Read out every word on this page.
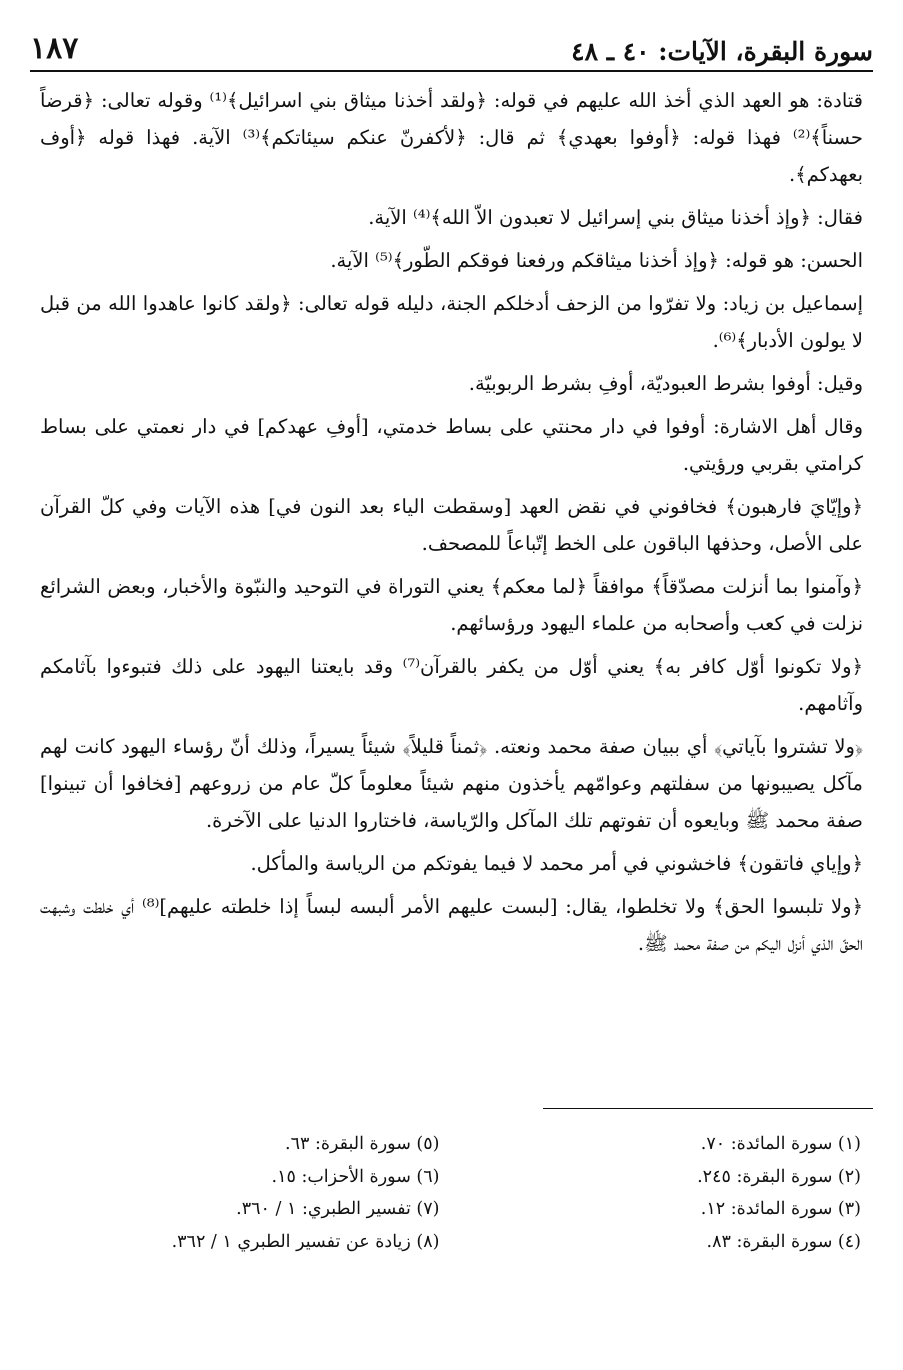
سورة البقرة، الآيات: ٤٠ ـ ٤٨
١٨٧

قتادة: هو العهد الذي أخذ الله عليهم في قوله: ﴿ولقد أخذنا ميثاق بني اسرائيل﴾⁽¹⁾ وقوله تعالى: ﴿قرضاً حسناً﴾⁽²⁾ فهذا قوله: ﴿أوفوا بعهدي﴾ ثم قال: ﴿لأكفرنّ عنكم سيئاتكم﴾⁽³⁾ الآية. فهذا قوله ﴿أوف بعهدكم﴾.

فقال: ﴿وإذ أخذنا ميثاق بني إسرائيل لا تعبدون الاّ الله﴾⁽⁴⁾ الآية.

الحسن: هو قوله: ﴿وإذ أخذنا ميثاقكم ورفعنا فوقكم الطّور﴾⁽⁵⁾ الآية.

إسماعيل بن زياد: ولا تفرّوا من الزحف أدخلكم الجنة، دليله قوله تعالى: ﴿ولقد كانوا عاهدوا الله من قبل لا يولون الأدبار﴾⁽⁶⁾.

وقيل: أوفوا بشرط العبوديّة، أوفِ بشرط الربوبيّة.

وقال أهل الاشارة: أوفوا في دار محنتي على بساط خدمتي، [أوفِ عهدكم] في دار نعمتي على بساط كرامتي بقربي ورؤيتي.

﴿وإيّايَ فارهبون﴾ فخافوني في نقض العهد [وسقطت الياء بعد النون في] هذه الآيات وفي كلّ القرآن على الأصل، وحذفها الباقون على الخط إتّباعاً للمصحف.

﴿وآمنوا بما أنزلت مصدّقاً﴾ موافقاً ﴿لما معكم﴾ يعني التوراة في التوحيد والنبّوة والأخبار، وبعض الشرائع نزلت في كعب وأصحابه من علماء اليهود ورؤسائهم.

﴿ولا تكونوا أوّل كافر به﴾ يعني أوّل من يكفر بالقرآن⁽⁷⁾ وقد بايعتنا اليهود على ذلك فتبوءوا بآثامكم وآثامهم.

﴿ولا تشتروا بآياتي﴾ أي ببيان صفة محمد ونعته. ﴿ثمناً قليلاً﴾ شيئاً يسيراً، وذلك أنّ رؤساء اليهود كانت لهم مآكل يصيبونها من سفلتهم وعوامّهم يأخذون منهم شيئاً معلوماً كلّ عام من زروعهم [فخافوا أن تبينوا] صفة محمد ﷺ وبايعوه أن تفوتهم تلك المآكل والرّياسة، فاختاروا الدنيا على الآخرة.

﴿وإياي فاتقون﴾ فاخشوني في أمر محمد لا فيما يفوتكم من الرياسة والمأكل.

﴿ولا تلبسوا الحق﴾ ولا تخلطوا، يقال: [لبست عليهم الأمر ألبسه لبساً إذا خلطته عليهم]⁽⁸⁾ أي خلطت وشبهت الحقّ الذي أنزل اليكم من صفة محمد ﷺ.

(١) سورة المائدة: ٧٠.
(٢) سورة البقرة: ٢٤٥.
(٣) سورة المائدة: ١٢.
(٤) سورة البقرة: ٨٣.
(٥) سورة البقرة: ٦٣.
(٦) سورة الأحزاب: ١٥.
(٧) تفسير الطبري: ١ / ٣٦٠.
(٨) زيادة عن تفسير الطبري ١ / ٣٦٢.
